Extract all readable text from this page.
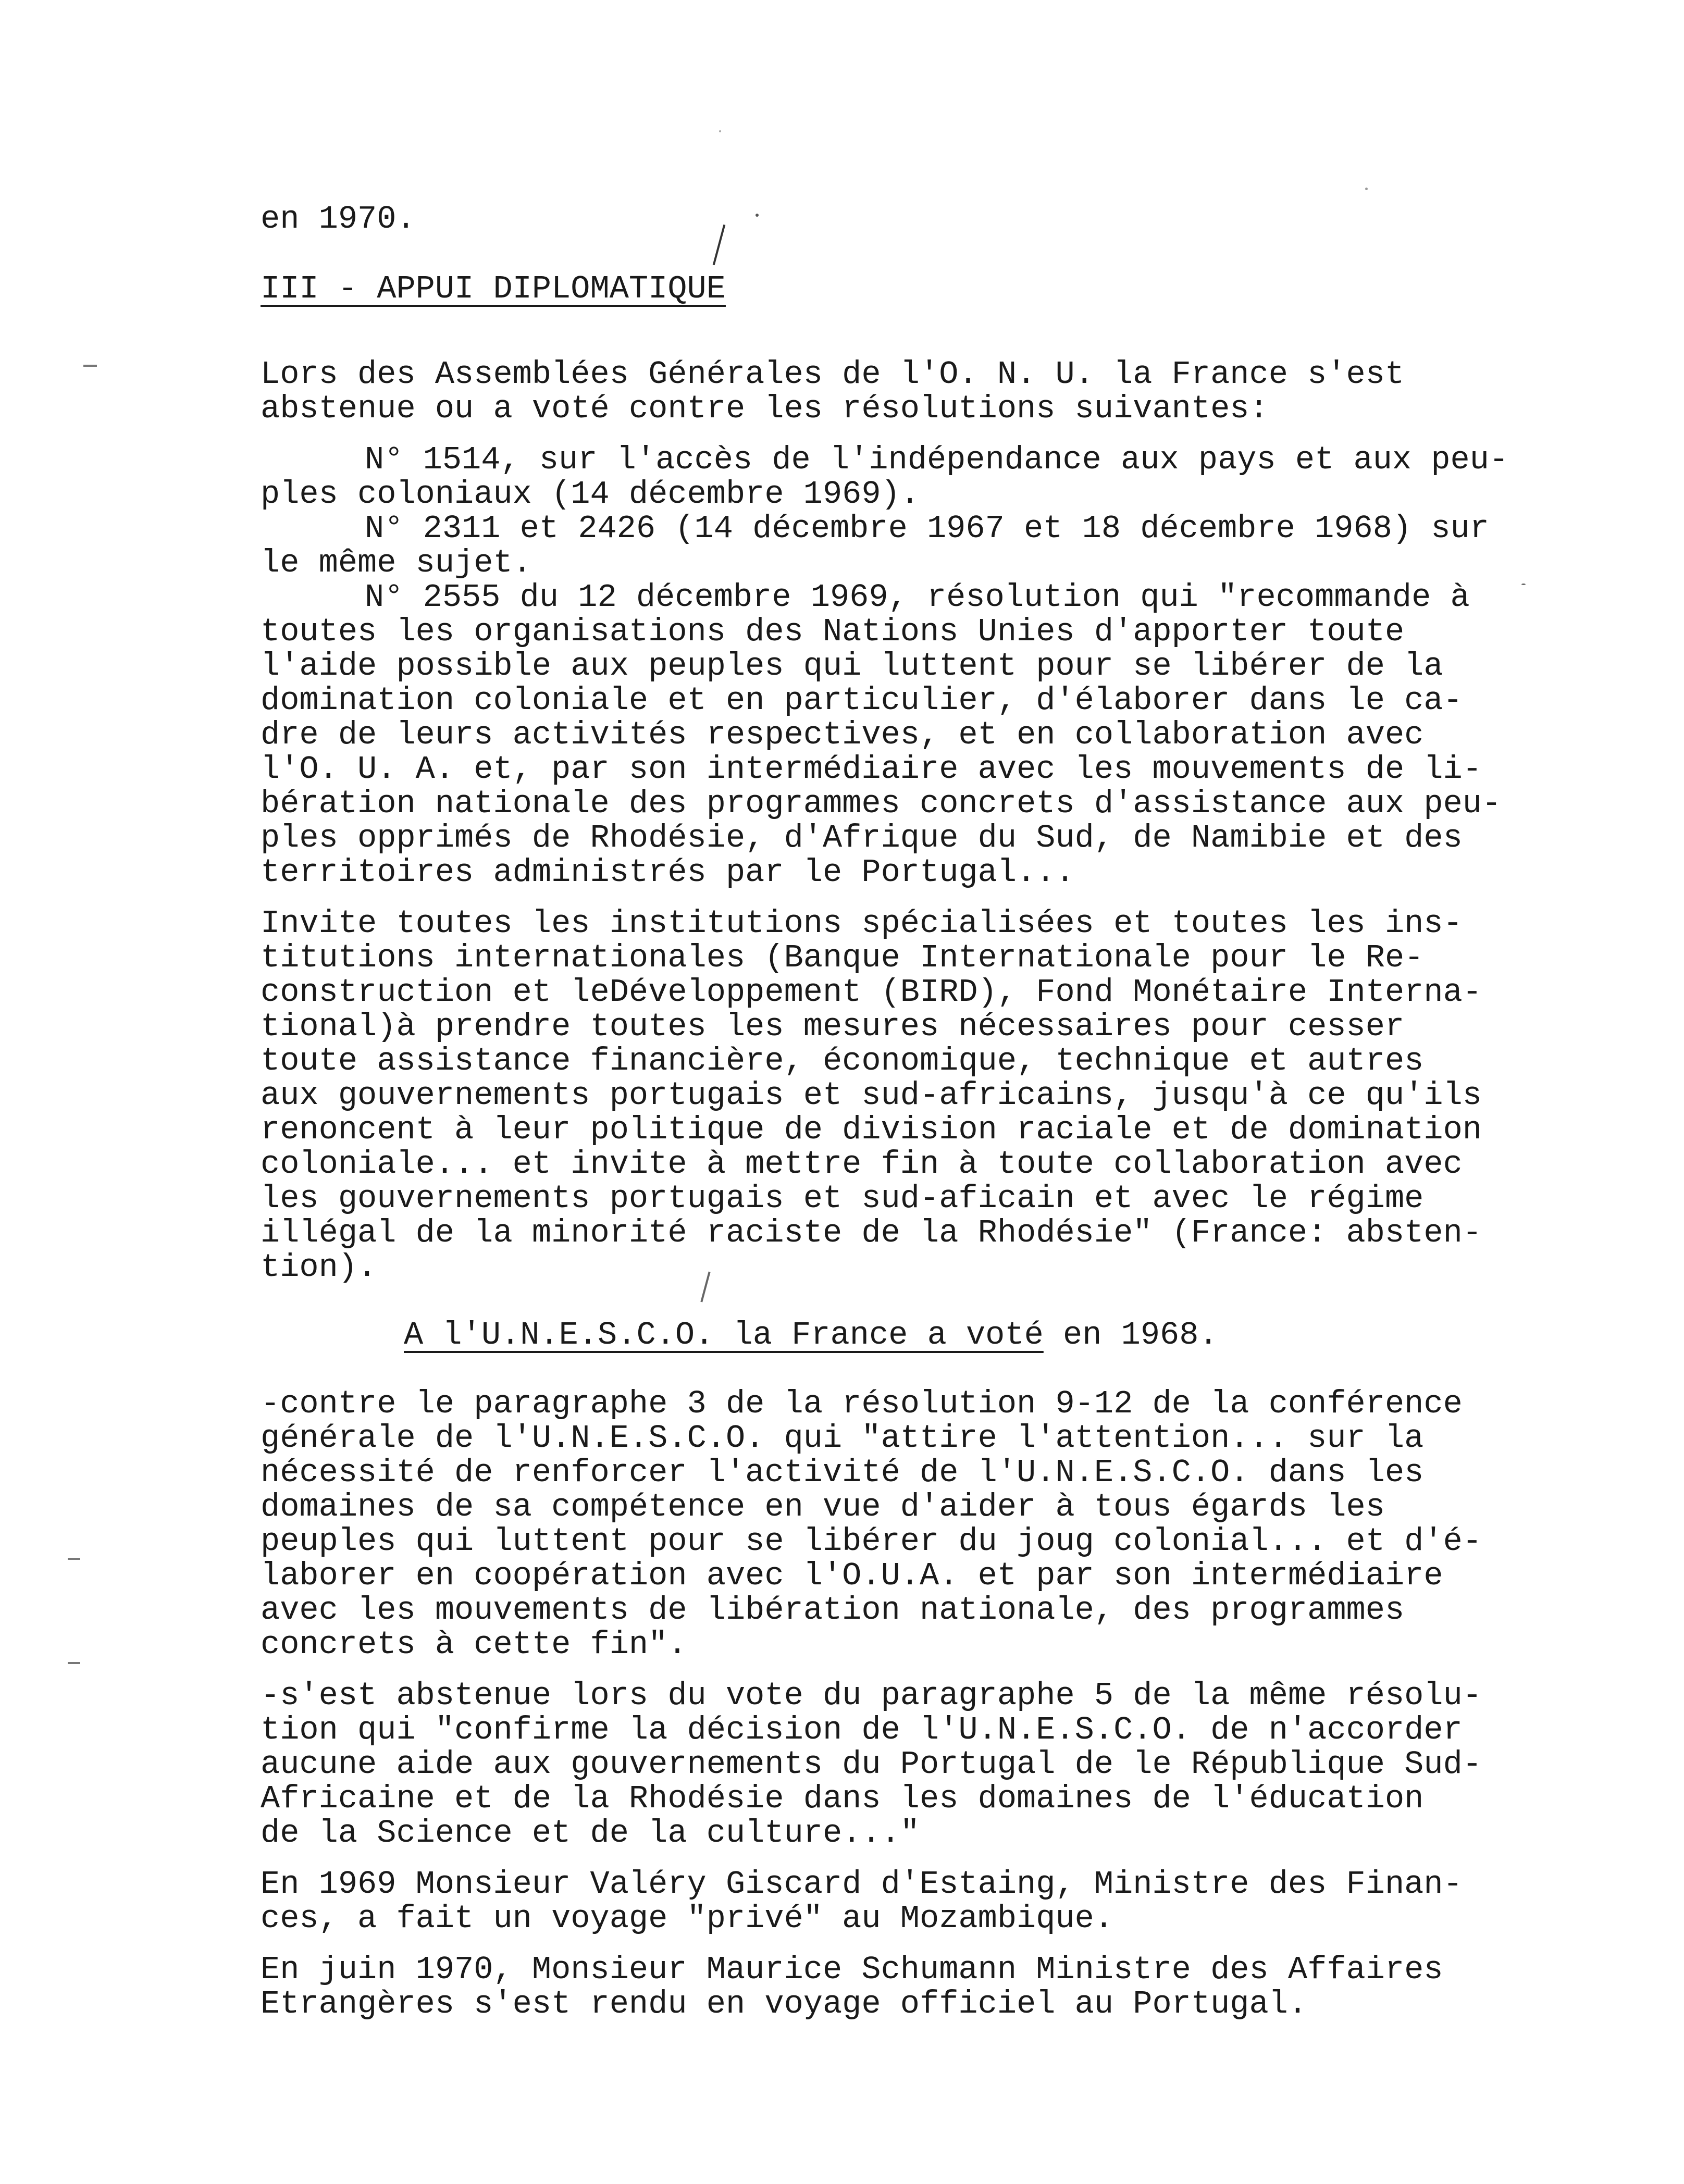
en 1970.
III - APPUI DIPLOMATIQUE
Lors des Assemblées Générales de l'O. N. U. la France s'est
abstenue ou a voté contre les résolutions suivantes:
N° 1514, sur l'accès de l'indépendance aux pays et aux peu-
ples coloniaux (14 décembre 1969).
N° 2311 et 2426 (14 décembre 1967 et 18 décembre 1968) sur
le même sujet.
N° 2555 du 12 décembre 1969, résolution qui "recommande à
toutes les organisations des Nations Unies d'apporter toute
l'aide possible aux peuples qui luttent pour se libérer de la
domination coloniale et en particulier, d'élaborer dans le ca-
dre de leurs activités respectives, et en collaboration avec
l'O. U. A. et, par son intermédiaire avec les mouvements de li-
bération nationale des programmes concrets d'assistance aux peu-
ples opprimés de Rhodésie, d'Afrique du Sud, de Namibie et des
territoires administrés par le Portugal...
Invite toutes les institutions spécialisées et toutes les ins-
titutions internationales (Banque Internationale pour le Re-
construction et leDéveloppement (BIRD), Fond Monétaire Interna-
tional)à prendre toutes les mesures nécessaires pour cesser
toute assistance financière, économique, technique et autres
aux gouvernements portugais et sud-africains, jusqu'à ce qu'ils
renoncent à leur politique de division raciale et de domination
coloniale... et invite à mettre fin à toute collaboration avec
les gouvernements portugais et sud-aficain et avec le régime
illégal de la minorité raciste de la Rhodésie" (France: absten-
tion).
A l'U.N.E.S.C.O. la France a voté en 1968.
-contre le paragraphe 3 de la résolution 9-12 de la conférence
générale de l'U.N.E.S.C.O. qui "attire l'attention... sur la
nécessité de renforcer l'activité de l'U.N.E.S.C.O. dans les
domaines de sa compétence en vue d'aider à tous égards les
peuples qui luttent pour se libérer du joug colonial... et d'é-
laborer en coopération avec l'O.U.A. et par son intermédiaire
avec les mouvements de libération nationale, des programmes
concrets à cette fin".
-s'est abstenue lors du vote du paragraphe 5 de la même résolu-
tion qui "confirme la décision de l'U.N.E.S.C.O. de n'accorder
aucune aide aux gouvernements du Portugal de le République Sud-
Africaine et de la Rhodésie dans les domaines de l'éducation
de la Science et de la culture..."
En 1969 Monsieur Valéry Giscard d'Estaing, Ministre des Finan-
ces, a fait un voyage "privé" au Mozambique.
En juin 1970, Monsieur Maurice Schumann Ministre des Affaires
Etrangères s'est rendu en voyage officiel au Portugal.
